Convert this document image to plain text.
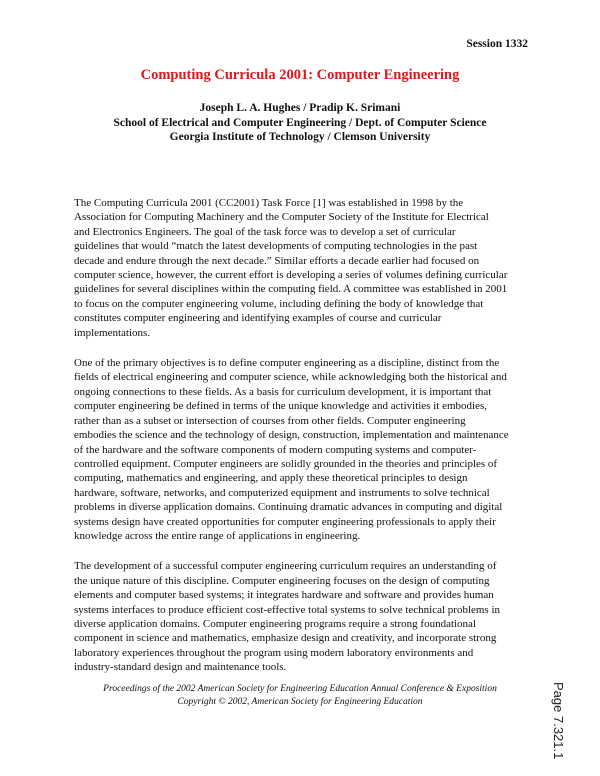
Session 1332
Computing Curricula 2001: Computer Engineering
Joseph L. A. Hughes / Pradip K. Srimani
School of Electrical and Computer Engineering / Dept. of Computer Science
Georgia Institute of Technology / Clemson University

The Computing Curricula 2001 (CC2001) Task Force [1] was established in 1998 by the
Association for Computing Machinery and the Computer Society of the Institute for Electrical
and Electronics Engineers. The goal of the task force was to develop a set of curricular
guidelines that would “match the latest developments of computing technologies in the past
decade and endure through the next decade.” Similar efforts a decade earlier had focused on
computer science, however, the current effort is developing a series of volumes defining curricular
guidelines for several disciplines within the computing field. A committee was established in 2001
to focus on the computer engineering volume, including defining the body of knowledge that
constitutes computer engineering and identifying examples of course and curricular
implementations.

One of the primary objectives is to define computer engineering as a discipline, distinct from the
fields of electrical engineering and computer science, while acknowledging both the historical and
ongoing connections to these fields. As a basis for curriculum development, it is important that
computer engineering be defined in terms of the unique knowledge and activities it embodies,
rather than as a subset or intersection of courses from other fields. Computer engineering
embodies the science and the technology of design, construction, implementation and maintenance
of the hardware and the software components of modern computing systems and computer-
controlled equipment. Computer engineers are solidly grounded in the theories and principles of
computing, mathematics and engineering, and apply these theoretical principles to design
hardware, software, networks, and computerized equipment and instruments to solve technical
problems in diverse application domains. Continuing dramatic advances in computing and digital
systems design have created opportunities for computer engineering professionals to apply their
knowledge across the entire range of applications in engineering.

The development of a successful computer engineering curriculum requires an understanding of
the unique nature of this discipline. Computer engineering focuses on the design of computing
elements and computer based systems; it integrates hardware and software and provides human
systems interfaces to produce efficient cost-effective total systems to solve technical problems in
diverse application domains. Computer engineering programs require a strong foundational
component in science and mathematics, emphasize design and creativity, and incorporate strong
laboratory experiences throughout the program using modern laboratory environments and
industry-standard design and maintenance tools.

Proceedings of the 2002 American Society for Engineering Education Annual Conference & Exposition
Copyright © 2002, American Society for Engineering Education	Page 7.321.1
